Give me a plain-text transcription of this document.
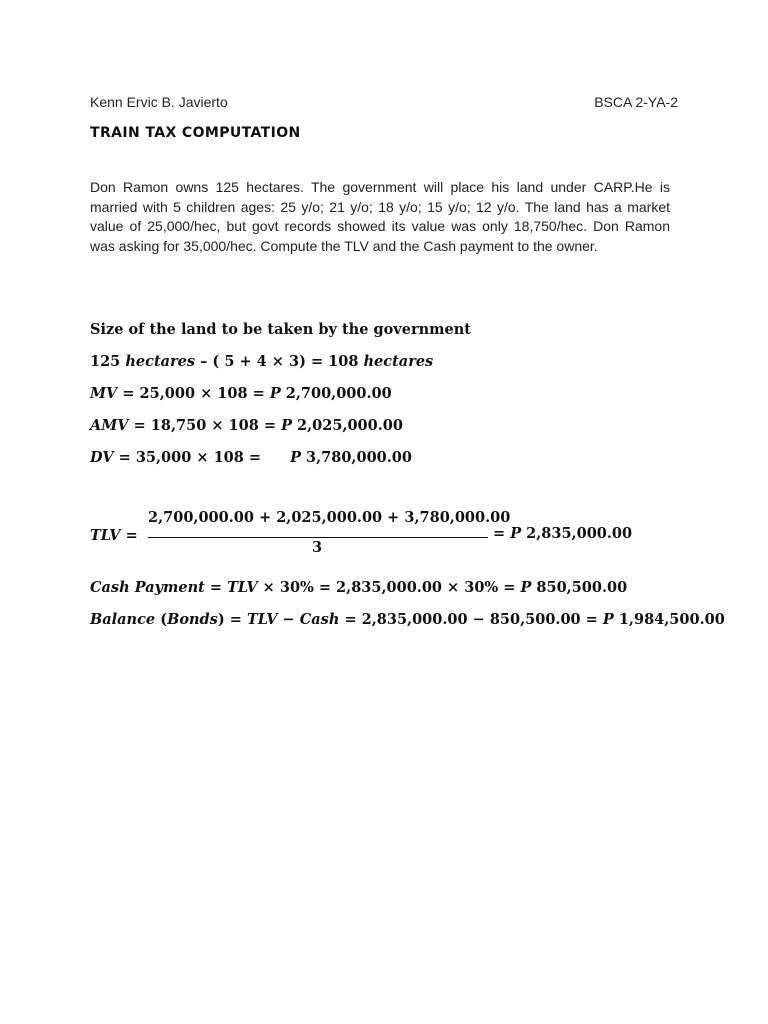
Kenn Ervic B. Javierto	BSCA 2-YA-2
TRAIN TAX COMPUTATION

Don Ramon owns 125 hectares. The government will place his land under CARP.He is married with 5 children ages: 25 y/o; 21 y/o; 18 y/o; 15 y/o; 12 y/o. The land has a market value of 25,000/hec, but govt records showed its value was only 18,750/hec. Don Ramon was asking for 35,000/hec. Compute the TLV and the Cash payment to the owner.

Size of the land to be taken by the government
125 hectares – ( 5 + 4 × 3) = 108 hectares
MV = 25,000 × 108 = P 2,700,000.00
AMV = 18,750 × 108 = P 2,025,000.00
DV = 35,000 × 108 = P 3,780,000.00
TLV =
2,700,000.00 + 2,025,000.00 + 3,780,000.00
3
= P 2,835,000.00
Cash Payment = TLV × 30% = 2,835,000.00 × 30% = P 850,500.00
Balance (Bonds) = TLV − Cash = 2,835,000.00 − 850,500.00 = P 1,984,500.00
